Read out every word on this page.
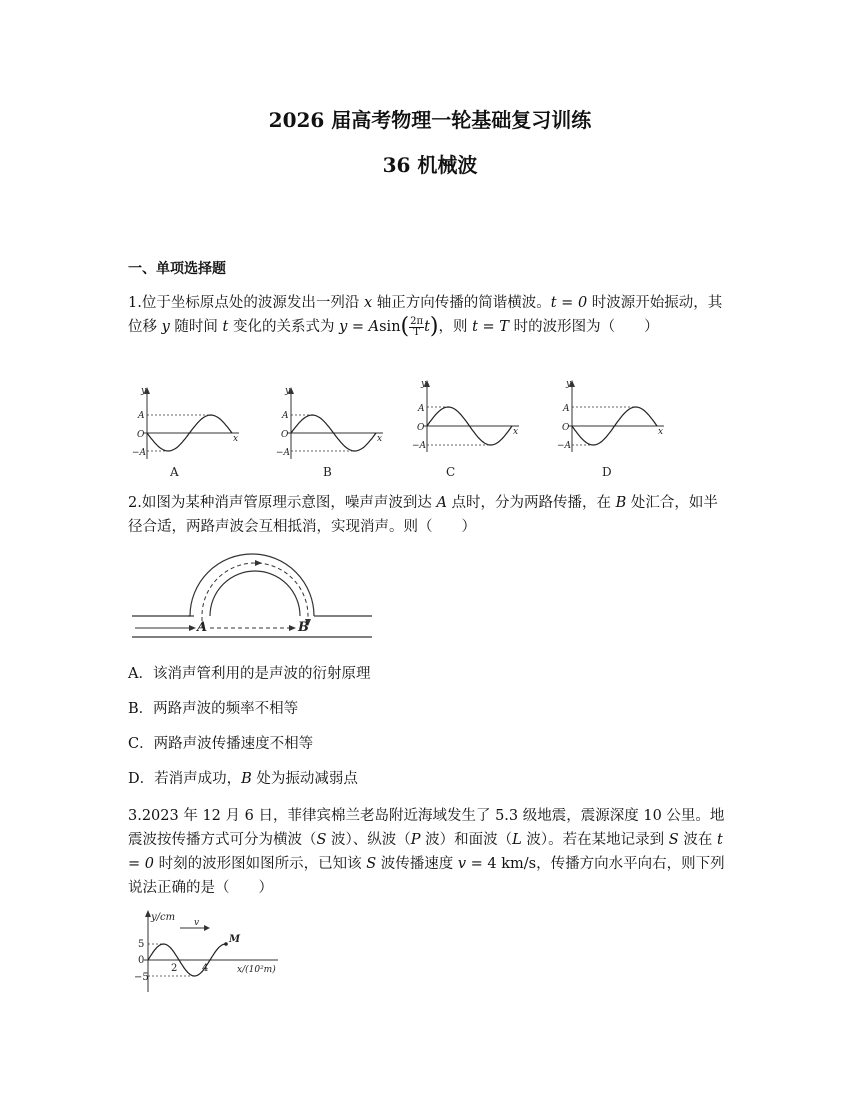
2026 届高考物理一轮基础复习训练
36 机械波
一、单项选择题
1.位于坐标原点处的波源发出一列沿 x 轴正方向传播的简谐横波。t = 0 时波源开始振动，其位移 y 随时间 t 变化的关系式为 $y = Asin( \frac{2\pi}{T} t)$，则 t = T 时的波形图为（　　）
y
x
A
O
−A
A
y
x
A
O
−A
B
y
x
A
O
−A
C
y
x
A
O
−A
D
2.如图为某种消声管原理示意图，噪声声波到达 A 点时，分为两路传播，在 B 处汇合，如半径合适，两路声波会互相抵消，实现消声。则（　　）
A	B
A．该消声管利用的是声波的衍射原理
B．两路声波的频率不相等
C．两路声波传播速度不相等
D．若消声成功，B 处为振动减弱点
3.2023 年 12 月 6 日，菲律宾棉兰老岛附近海域发生了 5.3 级地震，震源深度 10 公里。地震波按传播方式可分为横波（S 波）、纵波（P 波）和面波（L 波）。若在某地记录到 S 波在 t = 0 时刻的波形图如图所示，已知该 S 波传播速度 v = 4 km/s，传播方向水平向右，则下列说法正确的是（　　）
y/cm
x/(10²m)
5
0
−5
2 4
v
M
